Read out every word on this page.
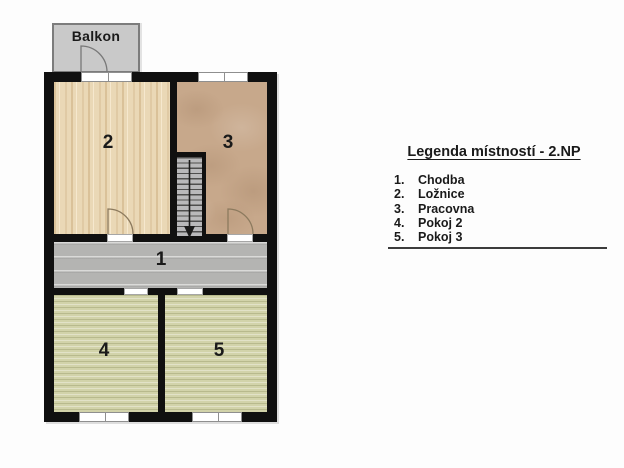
Balkon
2	3
1
4	5
Legenda místností - 2.NP
1.	Chodba
2.	Ložnice
3.	Pracovna
4.	Pokoj 2
5.	Pokoj 3
